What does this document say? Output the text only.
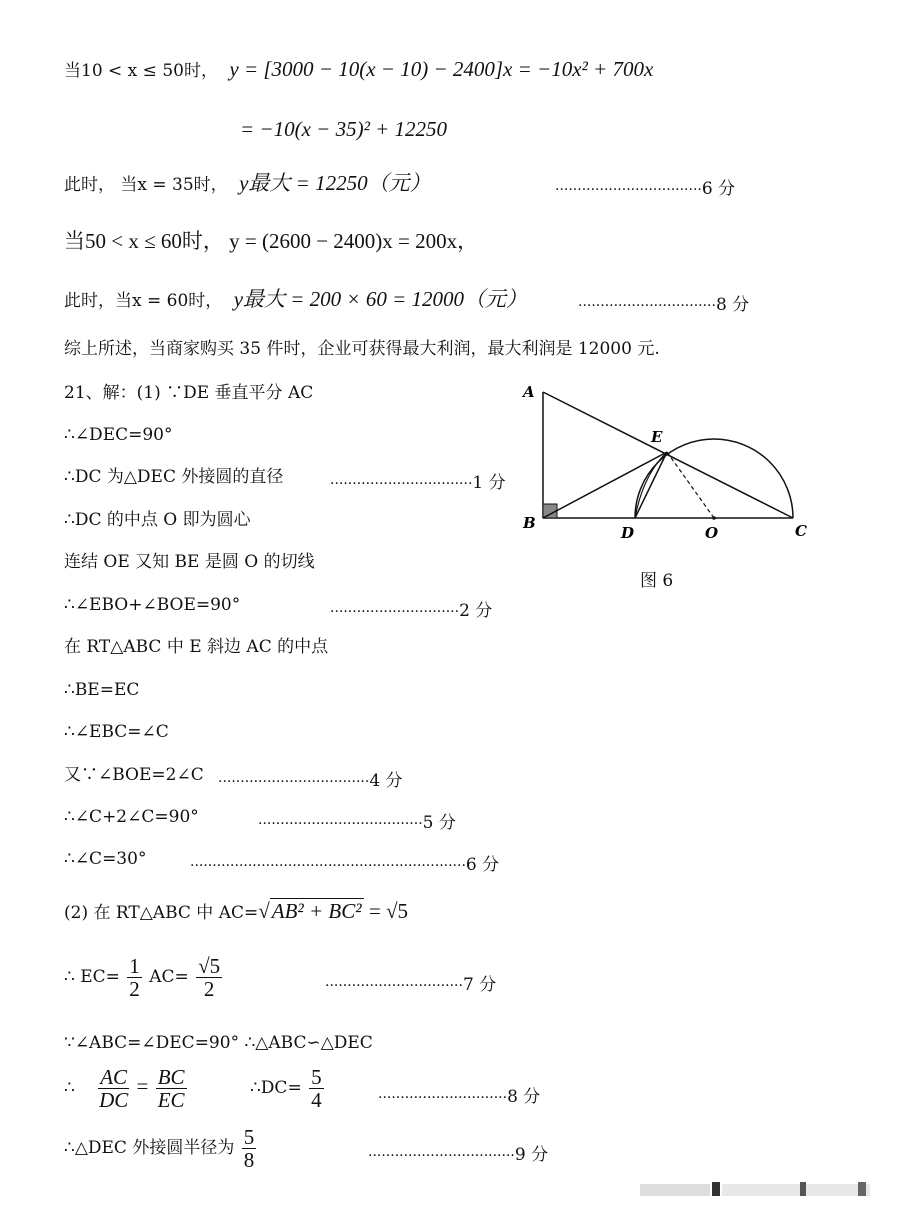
当10 < x ≤ 50时， y = [3000 − 10(x − 10) − 2400]x = −10x² + 700x
= −10(x − 35)² + 12250
此时， 当x = 35时， y最大 = 12250（元）	·································6 分
当50 < x ≤ 60时， y = (2600 − 2400)x = 200x，
此时，当x = 60时， y最大 = 200 × 60 = 12000（元）	·······························8 分
综上所述，当商家购买 35 件时，企业可获得最大利润，最大利润是 12000 元.
21、解：(1) ∵DE 垂直平分 AC
∴∠DEC=90°
∴DC 为△DEC 外接圆的直径	································1 分
∴DC 的中点 O 即为圆心
连结 OE 又知 BE 是圆 O 的切线
∴∠EBO+∠BOE=90°	·····························2 分
在 RT△ABC 中 E 斜边 AC 的中点
∴BE=EC
∴∠EBC=∠C
又∵∠BOE=2∠C ··································4 分
∴∠C+2∠C=90°	·····································5 分
∴∠C=30°	······························································6 分
(2) 在 RT△ABC 中 AC=√AB² + BC² = √5
∴ $EC= \frac{1}{2} AC= \frac{√5}{2}$	·······························7 分
∵∠ABC=∠DEC=90° ∴△ABC∽△DEC
∴ $\frac{AC}{DC} = \frac{BC}{EC}$	∴DC= $\frac{5}{4}$	·····························8 分
∴△DEC 外接圆半径为 $\frac{5}{8}$	·································9 分
A
B	C
D
E
O
图 6
